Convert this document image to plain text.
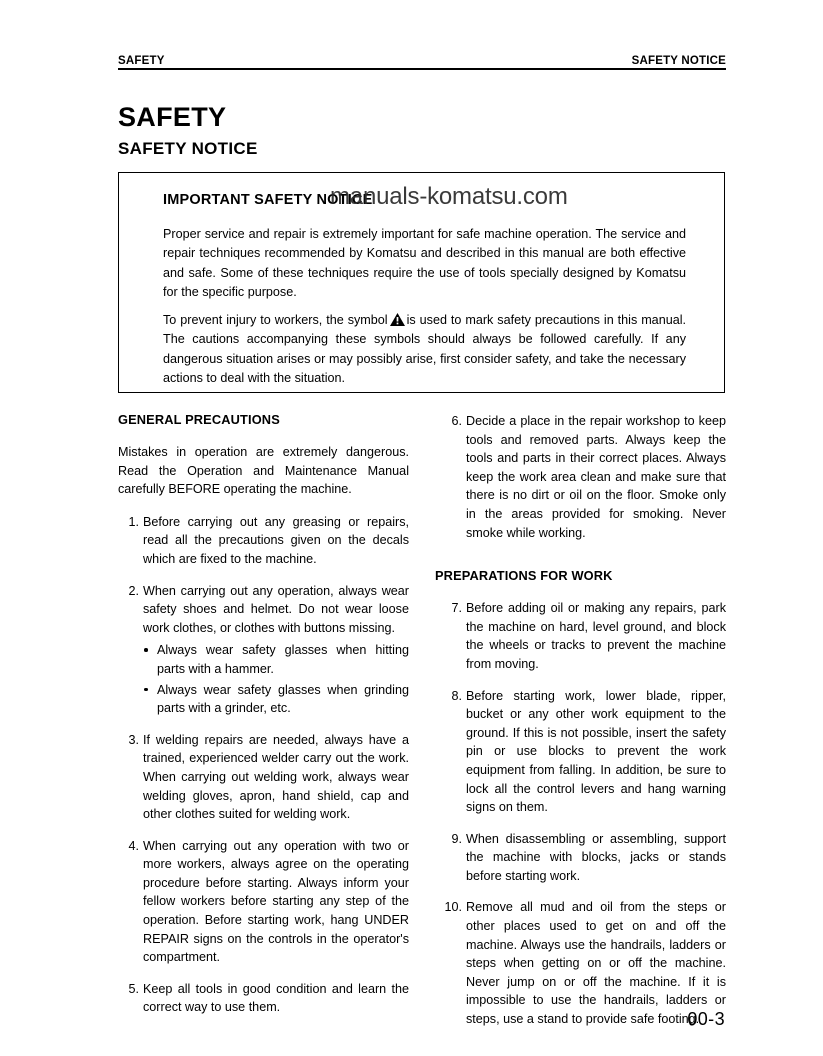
SAFETY	SAFETY NOTICE
SAFETY
SAFETY NOTICE
IMPORTANT SAFETY NOTICE
Proper service and repair is extremely important for safe machine operation. The service and repair techniques recommended by Komatsu and described in this manual are both effective and safe. Some of these techniques require the use of tools specially designed by Komatsu for the specific purpose.
To prevent injury to workers, the symbol is used to mark safety precautions in this manual. The cautions accompanying these symbols should always be followed carefully. If any dangerous situation arises or may possibly arise, first consider safety, and take the necessary actions to deal with the situation.
manuals-komatsu.com
GENERAL PRECAUTIONS

Mistakes in operation are extremely dangerous. Read the Operation and Maintenance Manual carefully BEFORE operating the machine.

1. Before carrying out any greasing or repairs, read all the precautions given on the decals which are fixed to the machine.
2. When carrying out any operation, always wear safety shoes and helmet. Do not wear loose work clothes, or clothes with buttons missing.
Always wear safety glasses when hitting parts with a hammer.
Always wear safety glasses when grinding parts with a grinder, etc.
3. If welding repairs are needed, always have a trained, experienced welder carry out the work. When carrying out welding work, always wear welding gloves, apron, hand shield, cap and other clothes suited for welding work.
4. When carrying out any operation with two or more workers, always agree on the operating procedure before starting. Always inform your fellow workers before starting any step of the operation. Before starting work, hang UNDER REPAIR signs on the controls in the operator's compartment.
5. Keep all tools in good condition and learn the correct way to use them.
6. Decide a place in the repair workshop to keep tools and removed parts. Always keep the tools and parts in their correct places. Always keep the work area clean and make sure that there is no dirt or oil on the floor. Smoke only in the areas provided for smoking. Never smoke while working.
PREPARATIONS FOR WORK
7. Before adding oil or making any repairs, park the machine on hard, level ground, and block the wheels or tracks to prevent the machine from moving.
8. Before starting work, lower blade, ripper, bucket or any other work equipment to the ground. If this is not possible, insert the safety pin or use blocks to prevent the work equipment from falling. In addition, be sure to lock all the control levers and hang warning signs on them.
9. When disassembling or assembling, support the machine with blocks, jacks or stands before starting work.
10. Remove all mud and oil from the steps or other places used to get on and off the machine. Always use the handrails, ladders or steps when getting on or off the machine. Never jump on or off the machine. If it is impossible to use the handrails, ladders or steps, use a stand to provide safe footing.
00-3
